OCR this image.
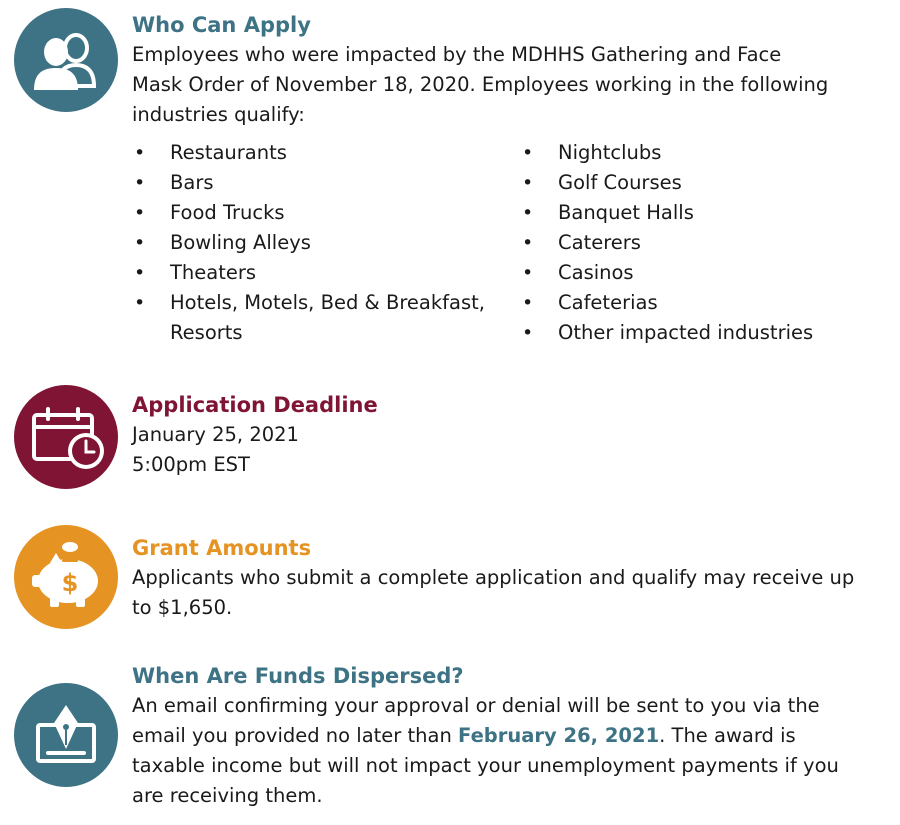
Who Can Apply

Employees who were impacted by the MDHHS Gathering and Face Mask Order of November 18, 2020. Employees working in the following industries qualify:

• Restaurants
• Bars
• Food Trucks
• Bowling Alleys
• Theaters
• Hotels, Motels, Bed & Breakfast, Resorts
• Nightclubs
• Golf Courses
• Banquet Halls
• Caterers
• Casinos
• Cafeterias
• Other impacted industries
Application Deadline

January 25, 2021

5:00pm EST

$
Grant Amounts

Applicants who submit a complete application and qualify may receive up to $1,650.

When Are Funds Dispersed?

An email confirming your approval or denial will be sent to you via the email you provided no later than February 26, 2021. The award is taxable income but will not impact your unemployment payments if you are receiving them.
